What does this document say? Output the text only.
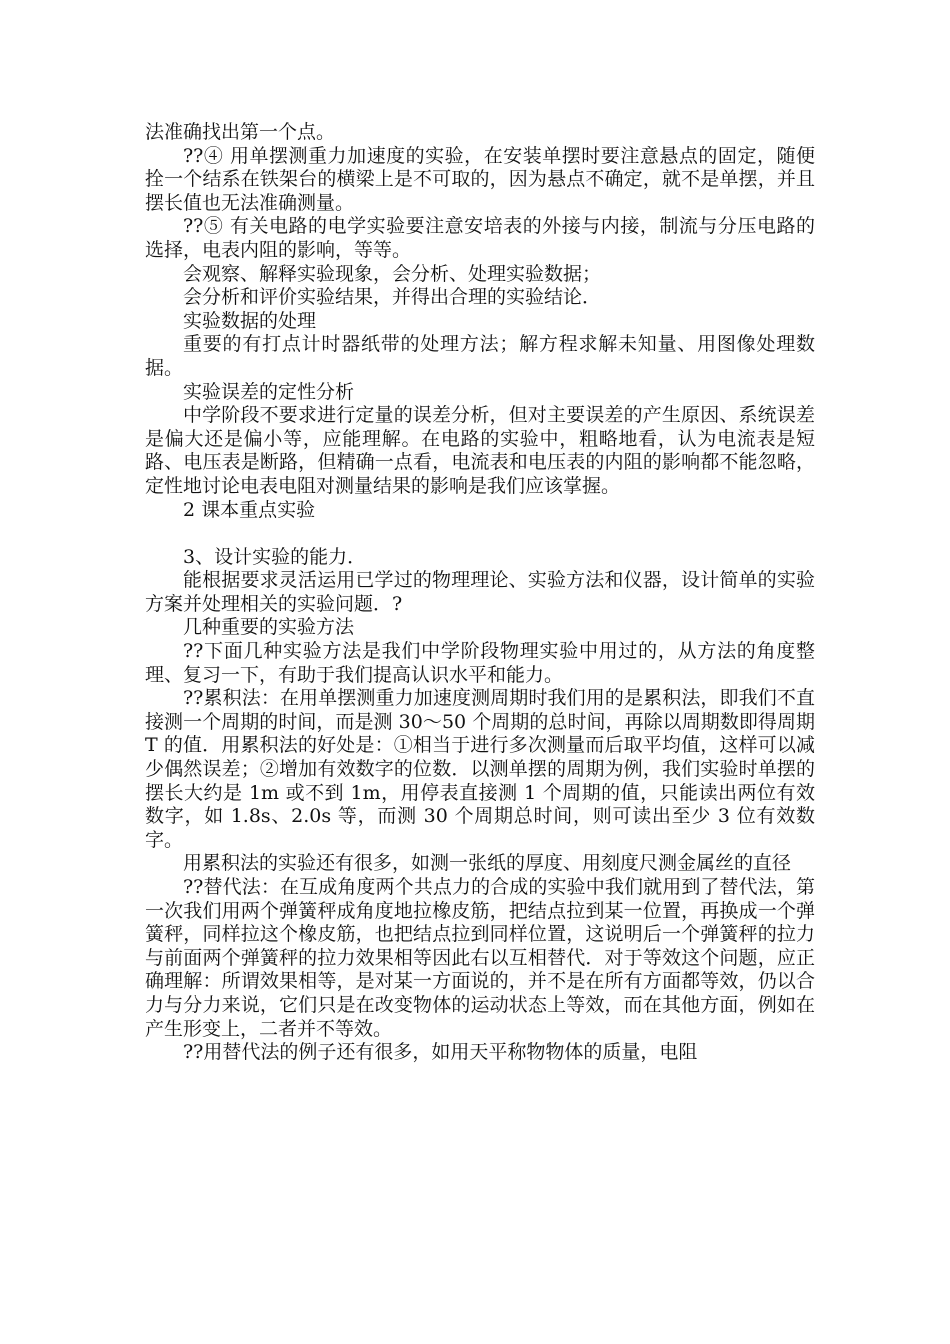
法准确找出第一个点。

??④ 用单摆测重力加速度的实验，在安装单摆时要注意悬点的固定，随便拴一个结系在铁架台的横梁上是不可取的，因为悬点不确定，就不是单摆，并且摆长值也无法准确测量。

??⑤ 有关电路的电学实验要注意安培表的外接与内接，制流与分压电路的选择，电表内阻的影响，等等。

会观察、解释实验现象，会分析、处理实验数据；

会分析和评价实验结果，并得出合理的实验结论．

实验数据的处理

重要的有打点计时器纸带的处理方法；解方程求解未知量、用图像处理数据。

实验误差的定性分析

中学阶段不要求进行定量的误差分析，但对主要误差的产生原因、系统误差是偏大还是偏小等，应能理解。在电路的实验中，粗略地看，认为电流表是短路、电压表是断路，但精确一点看，电流表和电压表的内阻的影响都不能忽略，定性地讨论电表电阻对测量结果的影响是我们应该掌握。

2 课本重点实验

3、设计实验的能力．

能根据要求灵活运用已学过的物理理论、实验方法和仪器，设计简单的实验方案并处理相关的实验问题．?

几种重要的实验方法

??下面几种实验方法是我们中学阶段物理实验中用过的，从方法的角度整理、复习一下，有助于我们提高认识水平和能力。

??累积法：在用单摆测重力加速度测周期时我们用的是累积法，即我们不直接测一个周期的时间，而是测 30～50 个周期的总时间，再除以周期数即得周期 T 的值．用累积法的好处是：①相当于进行多次测量而后取平均值，这样可以减少偶然误差；②增加有效数字的位数．以测单摆的周期为例，我们实验时单摆的摆长大约是 1m 或不到 1m，用停表直接测 1 个周期的值，只能读出两位有效数字，如 1.8s、2.0s 等，而测 30 个周期总时间，则可读出至少 3 位有效数字。

用累积法的实验还有很多，如测一张纸的厚度、用刻度尺测金属丝的直径

??替代法：在互成角度两个共点力的合成的实验中我们就用到了替代法，第一次我们用两个弹簧秤成角度地拉橡皮筋，把结点拉到某一位置，再换成一个弹簧秤，同样拉这个橡皮筋，也把结点拉到同样位置，这说明后一个弹簧秤的拉力与前面两个弹簧秤的拉力效果相等因此右以互相替代．对于等效这个问题，应正确理解：所谓效果相等，是对某一方面说的，并不是在所有方面都等效，仍以合力与分力来说，它们只是在改变物体的运动状态上等效，而在其他方面，例如在产生形变上，二者并不等效。

??用替代法的例子还有很多，如用天平称物物体的质量，电阻
